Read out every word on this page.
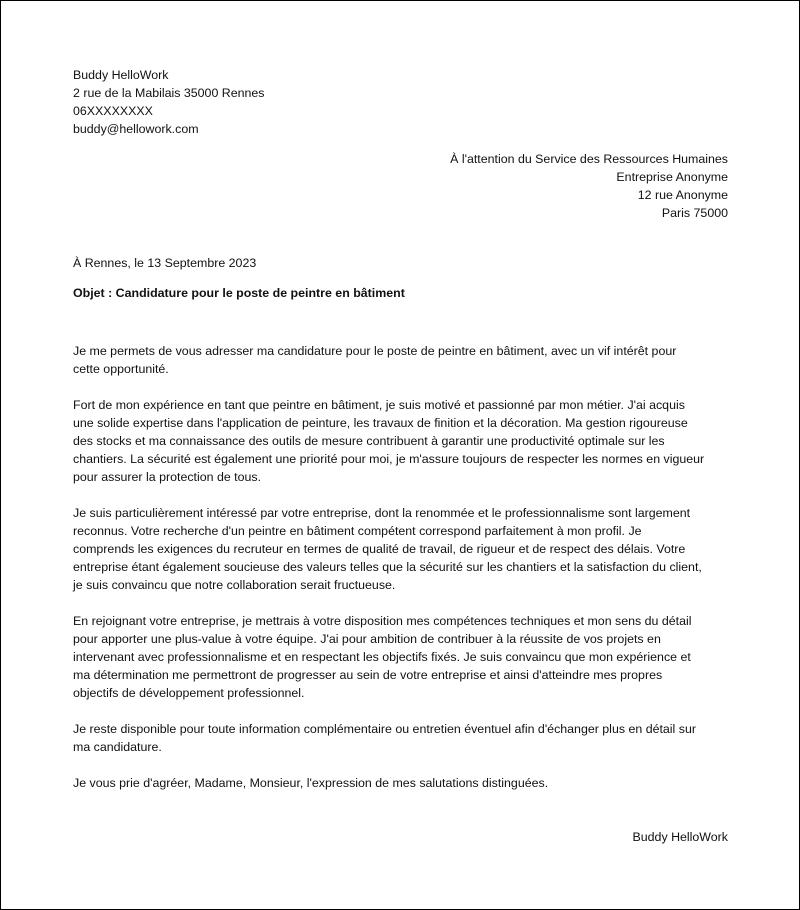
Buddy HelloWork
2 rue de la Mabilais 35000 Rennes
06XXXXXXXX
buddy@hellowork.com
À l'attention du Service des Ressources Humaines
Entreprise Anonyme
12 rue Anonyme
Paris 75000
À Rennes, le 13 Septembre 2023
Objet : Candidature pour le poste de peintre en bâtiment
Je me permets de vous adresser ma candidature pour le poste de peintre en bâtiment, avec un vif intérêt pour
cette opportunité.
Fort de mon expérience en tant que peintre en bâtiment, je suis motivé et passionné par mon métier. J'ai acquis
une solide expertise dans l'application de peinture, les travaux de finition et la décoration. Ma gestion rigoureuse
des stocks et ma connaissance des outils de mesure contribuent à garantir une productivité optimale sur les
chantiers. La sécurité est également une priorité pour moi, je m'assure toujours de respecter les normes en vigueur
pour assurer la protection de tous.
Je suis particulièrement intéressé par votre entreprise, dont la renommée et le professionnalisme sont largement
reconnus. Votre recherche d'un peintre en bâtiment compétent correspond parfaitement à mon profil. Je
comprends les exigences du recruteur en termes de qualité de travail, de rigueur et de respect des délais. Votre
entreprise étant également soucieuse des valeurs telles que la sécurité sur les chantiers et la satisfaction du client,
je suis convaincu que notre collaboration serait fructueuse.
En rejoignant votre entreprise, je mettrais à votre disposition mes compétences techniques et mon sens du détail
pour apporter une plus-value à votre équipe. J'ai pour ambition de contribuer à la réussite de vos projets en
intervenant avec professionnalisme et en respectant les objectifs fixés. Je suis convaincu que mon expérience et
ma détermination me permettront de progresser au sein de votre entreprise et ainsi d'atteindre mes propres
objectifs de développement professionnel.
Je reste disponible pour toute information complémentaire ou entretien éventuel afin d'échanger plus en détail sur
ma candidature.
Je vous prie d'agréer, Madame, Monsieur, l'expression de mes salutations distinguées.
Buddy HelloWork
